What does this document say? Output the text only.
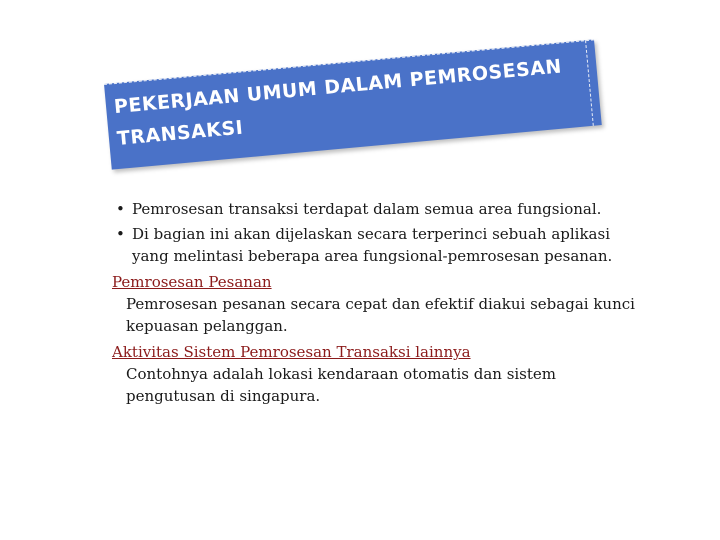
PEKERJAAN UMUM DALAM PEMROSESAN TRANSAKSI
• Pemrosesan transaksi terdapat dalam semua area fungsional.
• Di bagian ini akan dijelaskan secara terperinci sebuah aplikasi yang melintasi beberapa area fungsional-pemrosesan pesanan.
Pemrosesan Pesanan
Pemrosesan pesanan secara cepat dan efektif diakui sebagai kunci kepuasan pelanggan.
Aktivitas Sistem Pemrosesan Transaksi lainnya
Contohnya adalah lokasi kendaraan otomatis dan sistem pengutusan di singapura.
